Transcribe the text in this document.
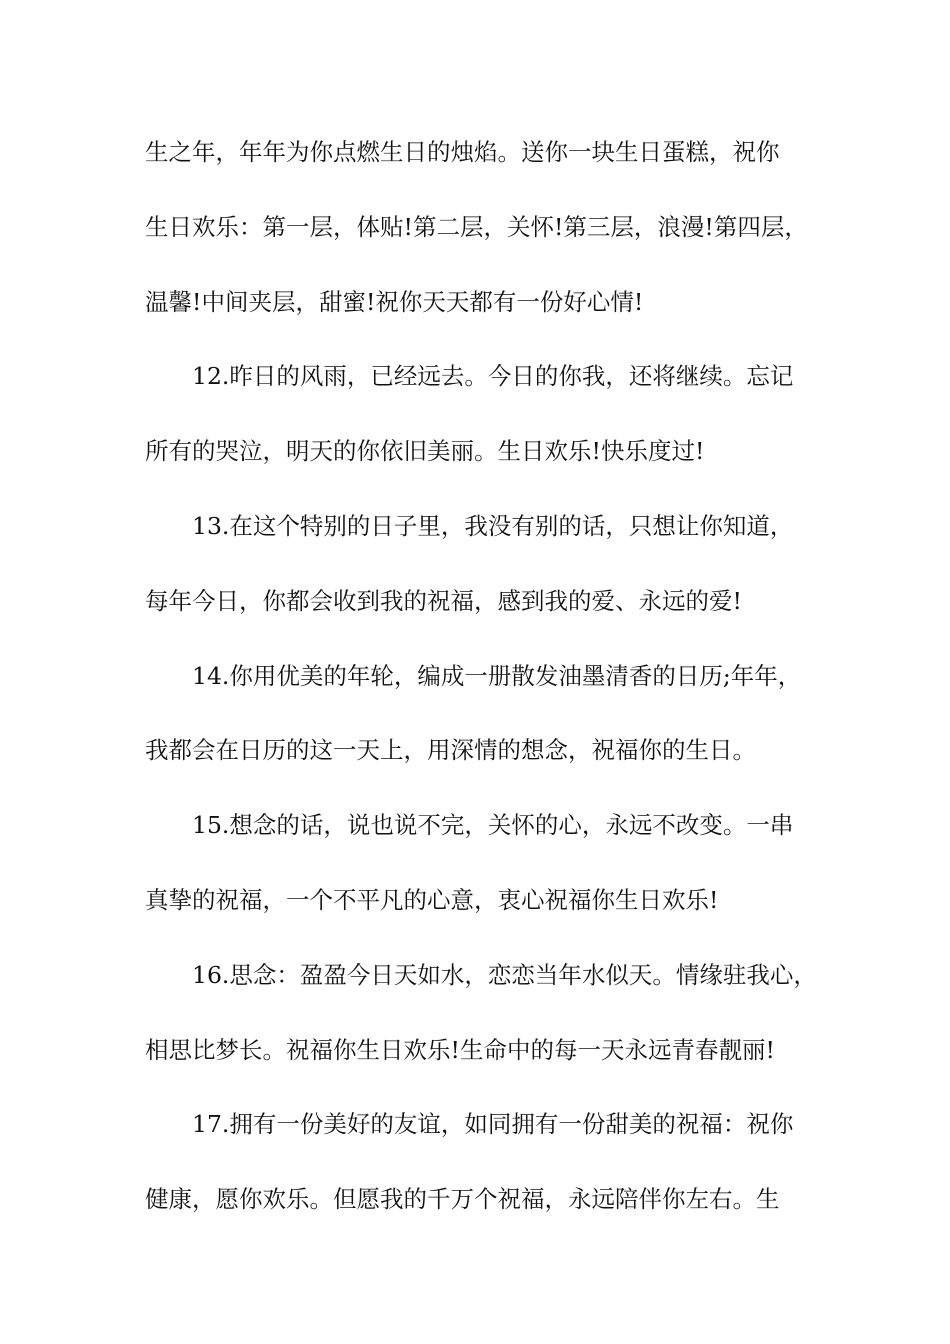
生之年，年年为你点燃生日的烛焰。送你一块生日蛋糕，祝你
生日欢乐：第一层，体贴!第二层，关怀!第三层，浪漫!第四层，
温馨!中间夹层，甜蜜!祝你天天都有一份好心情!
12.昨日的风雨，已经远去。今日的你我，还将继续。忘记
所有的哭泣，明天的你依旧美丽。生日欢乐!快乐度过!
13.在这个特别的日子里，我没有别的话，只想让你知道，
每年今日，你都会收到我的祝福，感到我的爱、永远的爱!
14.你用优美的年轮，编成一册散发油墨清香的日历;年年，
我都会在日历的这一天上，用深情的想念，祝福你的生日。
15.想念的话，说也说不完，关怀的心，永远不改变。一串
真挚的祝福，一个不平凡的心意，衷心祝福你生日欢乐!
16.思念：盈盈今日天如水，恋恋当年水似天。情缘驻我心，
相思比梦长。祝福你生日欢乐!生命中的每一天永远青春靓丽!
17.拥有一份美好的友谊，如同拥有一份甜美的祝福：祝你
健康，愿你欢乐。但愿我的千万个祝福，永远陪伴你左右。生
